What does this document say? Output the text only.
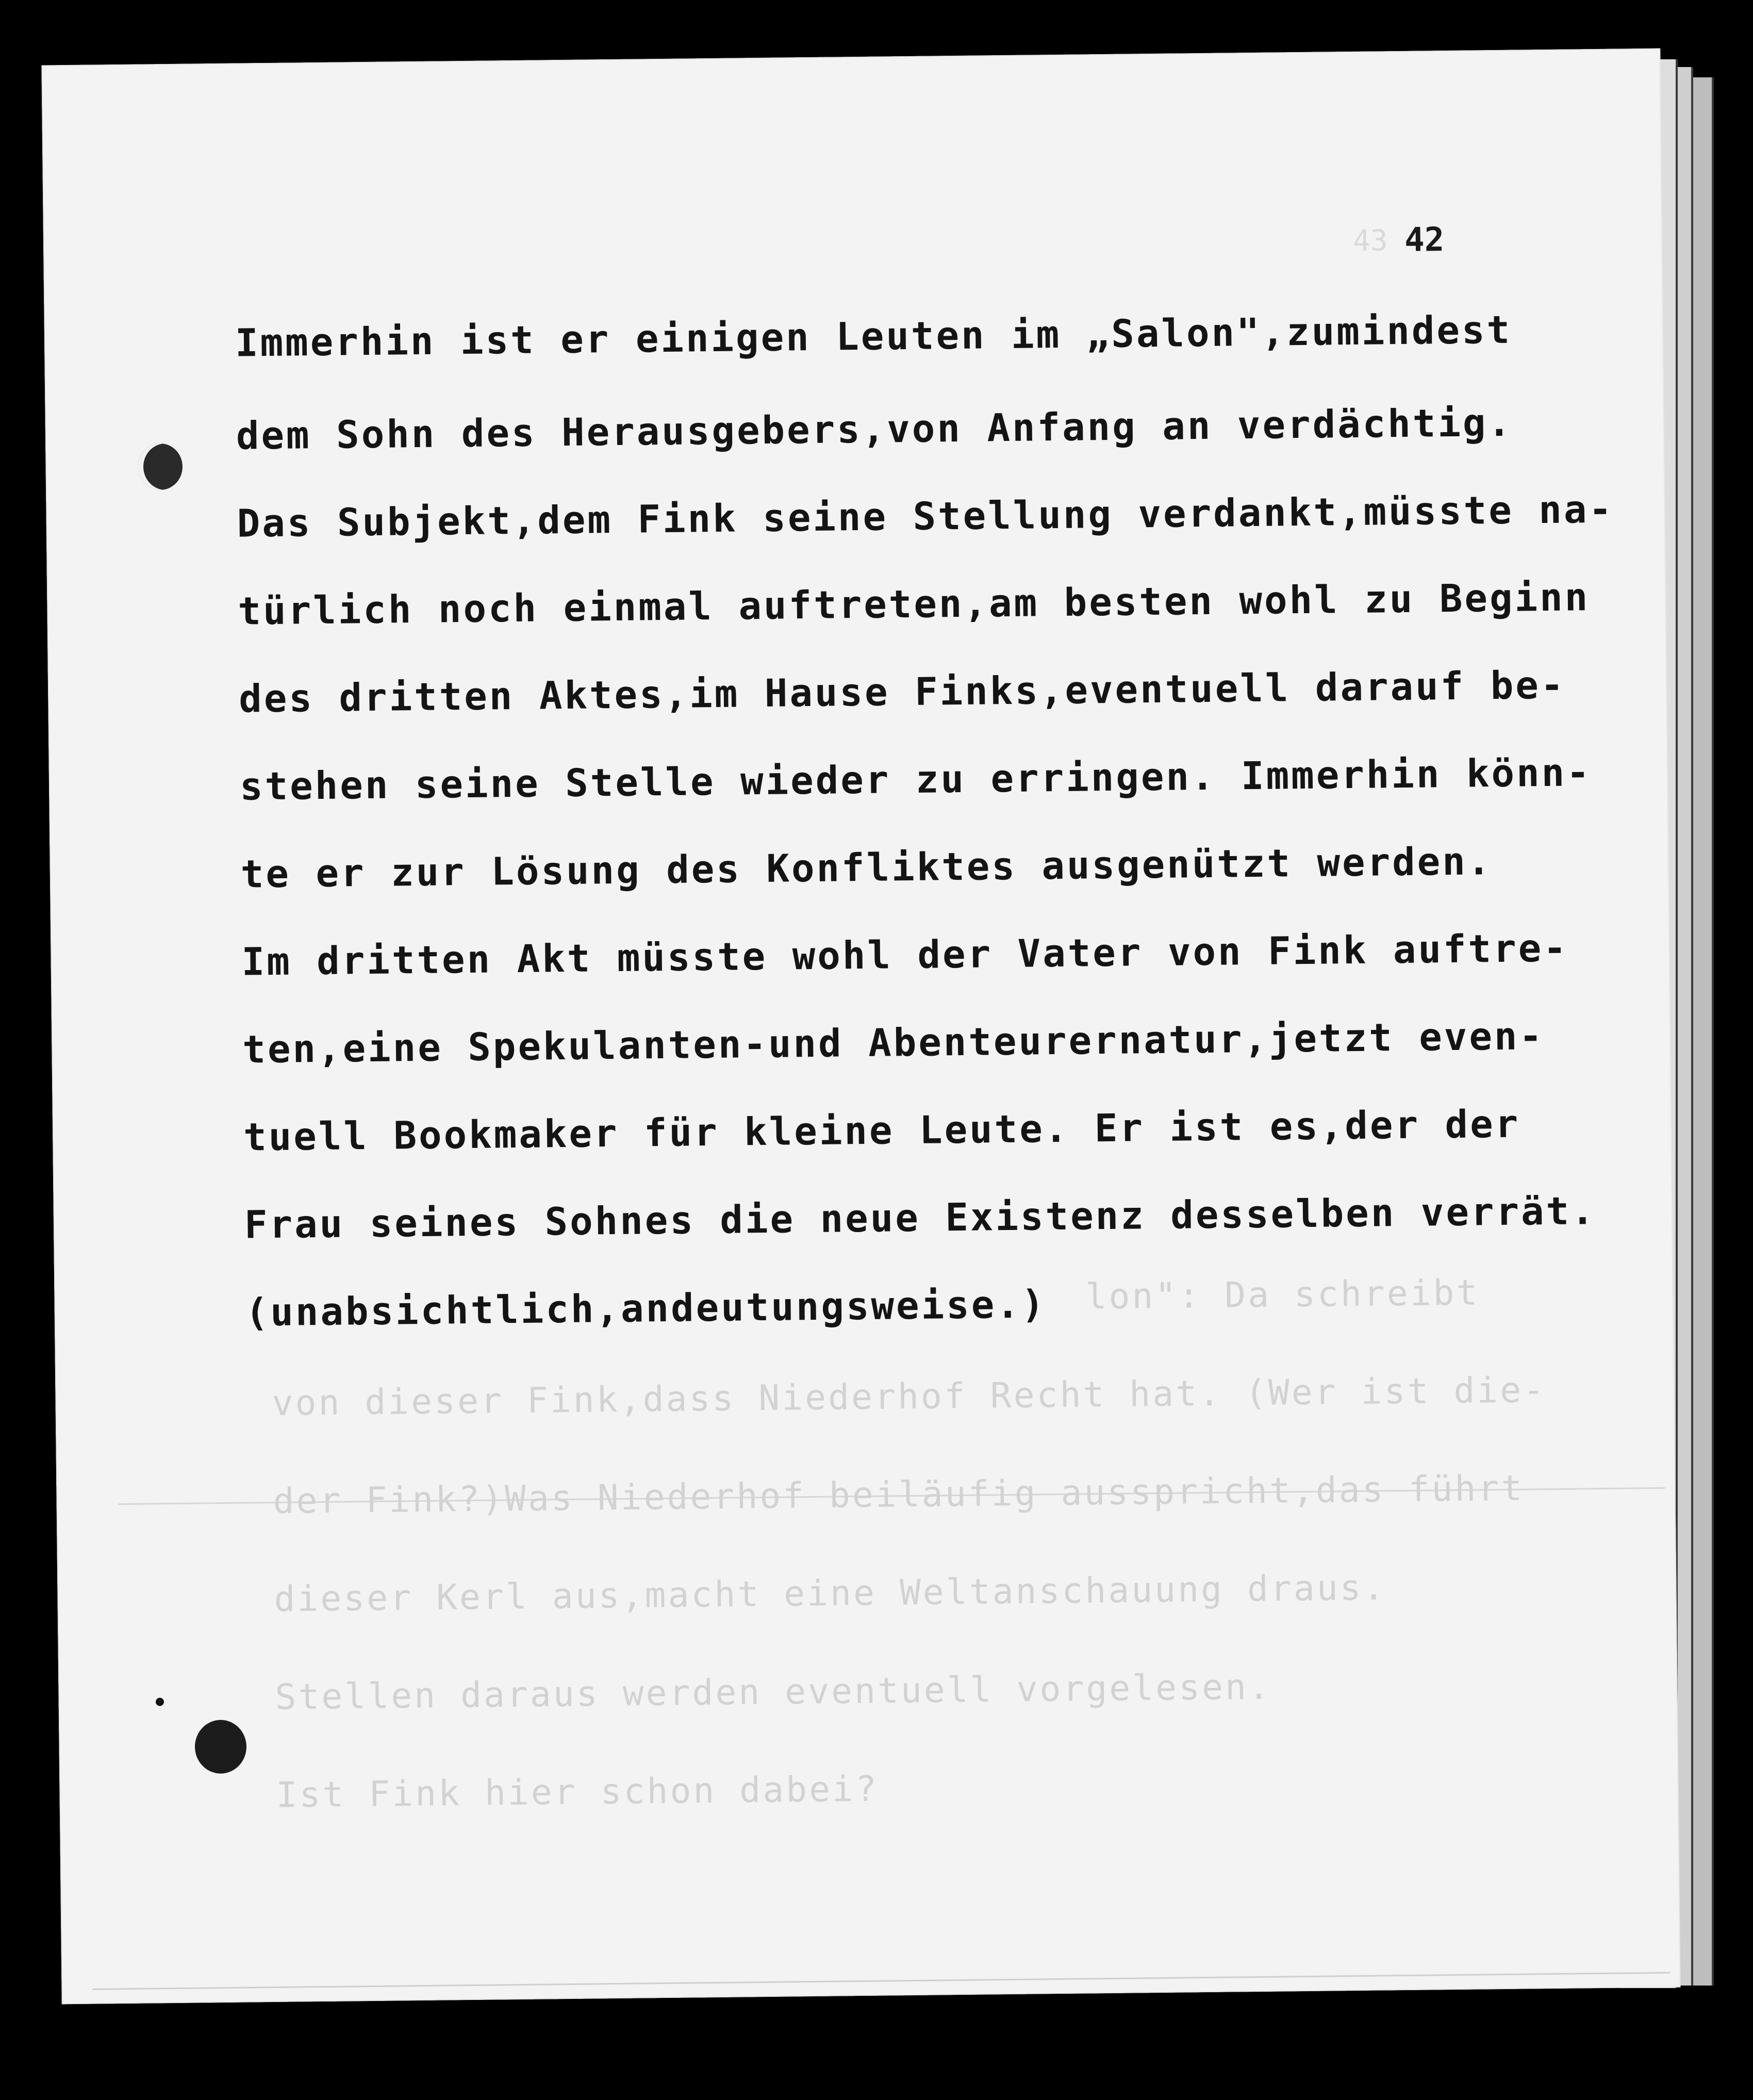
43 42
lon": Da schreibt
von dieser Fink,dass Niederhof Recht hat. (Wer ist die-
der Fink?)Was Niederhof beiläufig ausspricht,das führt
dieser Kerl aus,macht eine Weltanschauung draus.
Stellen daraus werden eventuell vorgelesen.
Ist Fink hier schon dabei?
Immerhin ist er einigen Leuten im „Salon",zumindest
dem Sohn des Herausgebers,von Anfang an verdächtig.
Das Subjekt,dem Fink seine Stellung verdankt,müsste na-
türlich noch einmal auftreten,am besten wohl zu Beginn
des dritten Aktes,im Hause Finks,eventuell darauf be-
stehen seine Stelle wieder zu erringen. Immerhin könn-
te er zur Lösung des Konfliktes ausgenützt werden.
Im dritten Akt müsste wohl der Vater von Fink auftre-
ten,eine Spekulanten-und Abenteurernatur,jetzt even-
tuell Bookmaker für kleine Leute. Er ist es,der der
Frau seines Sohnes die neue Existenz desselben verrät.
(unabsichtlich,andeutungsweise.)
